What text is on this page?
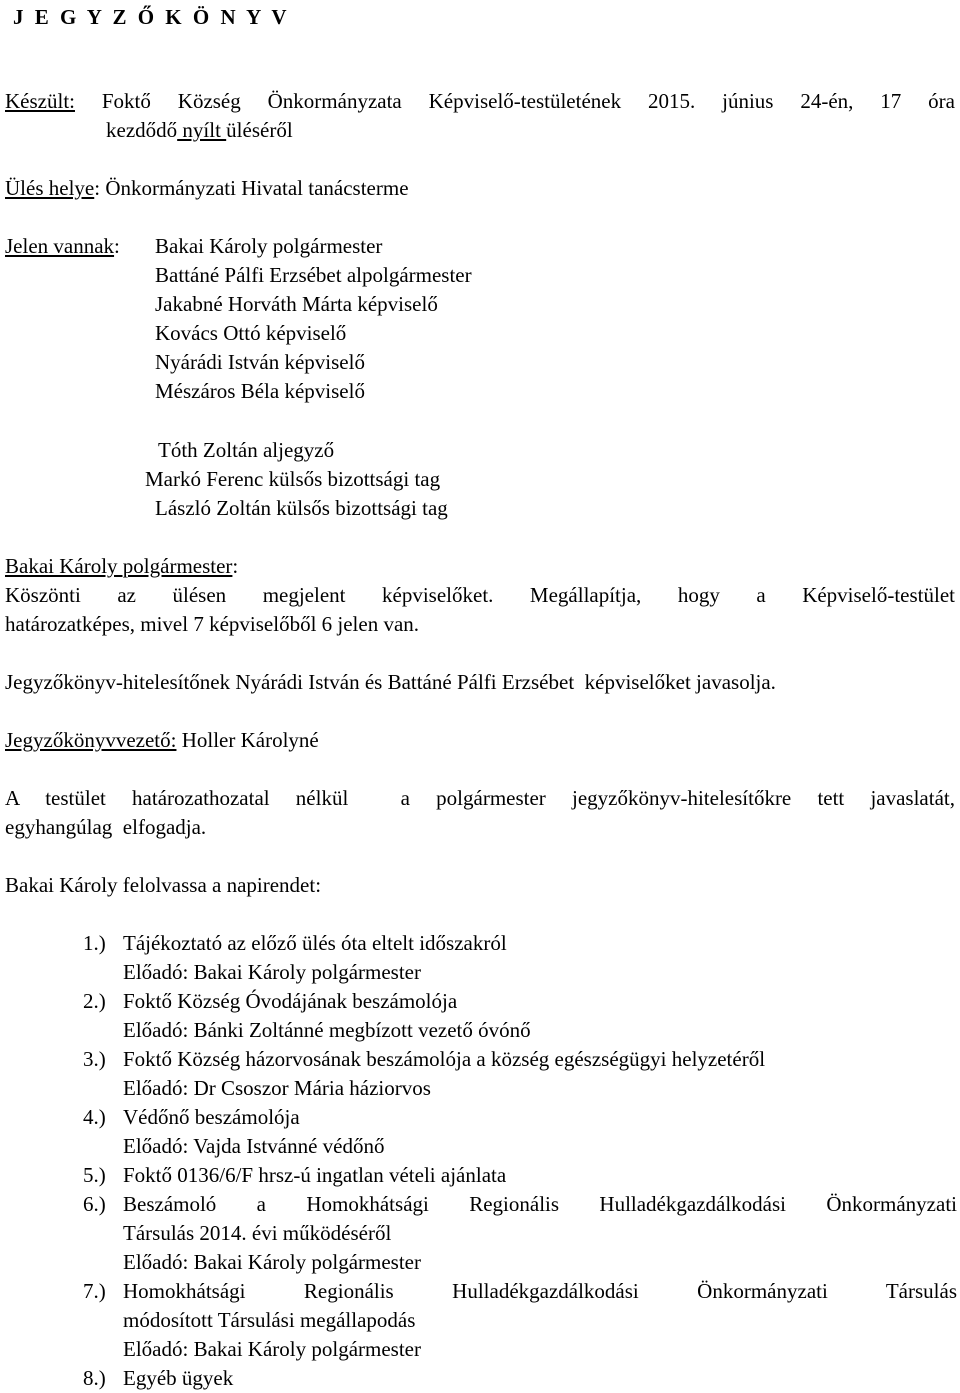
J E G Y Z Ő K Ö N Y V
Készült: Foktő Község Önkormányzata Képviselő-testületének 2015. június 24-én, 17 óra
kezdődő nyílt üléséről
Ülés helye: Önkormányzati Hivatal tanácsterme
Jelen vannak:	Bakai Károly polgármester
Battáné Pálfi Erzsébet alpolgármester
Jakabné Horváth Márta képviselő
Kovács Ottó képviselő
Nyárádi István képviselő
Mészáros Béla képviselő
Tóth Zoltán aljegyző
Markó Ferenc külsős bizottsági tag
László Zoltán külsős bizottsági tag
Bakai Károly polgármester:
Köszönti az ülésen megjelent képviselőket. Megállapítja, hogy a Képviselő-testület
határozatképes, mivel 7 képviselőből 6 jelen van.
Jegyzőkönyv-hitelesítőnek Nyárádi István és Battáné Pálfi Erzsébet  képviselőket javasolja.
Jegyzőkönyvvezető: Holler Károlyné
A testület határozathozatal nélkül  a polgármester jegyzőkönyv-hitelesítőkre tett javaslatát,
egyhangúlag  elfogadja.
Bakai Károly felolvassa a napirendet:
1.) Tájékoztató az előző ülés óta eltelt időszakról
Előadó: Bakai Károly polgármester
2.) Foktő Község Óvodájának beszámolója
Előadó: Bánki Zoltánné megbízott vezető óvónő
3.) Foktő Község házorvosának beszámolója a község egészségügyi helyzetéről
Előadó: Dr Csoszor Mária háziorvos
4.) Védőnő beszámolója
Előadó: Vajda Istvánné védőnő
5.) Foktő 0136/6/F hrsz-ú ingatlan vételi ajánlata
6.) Beszámoló a Homokhátsági Regionális Hulladékgazdálkodási Önkormányzati
Társulás 2014. évi működéséről
Előadó: Bakai Károly polgármester
7.) Homokhátsági Regionális Hulladékgazdálkodási Önkormányzati Társulás
módosított Társulási megállapodás
Előadó: Bakai Károly polgármester
8.) Egyéb ügyek
